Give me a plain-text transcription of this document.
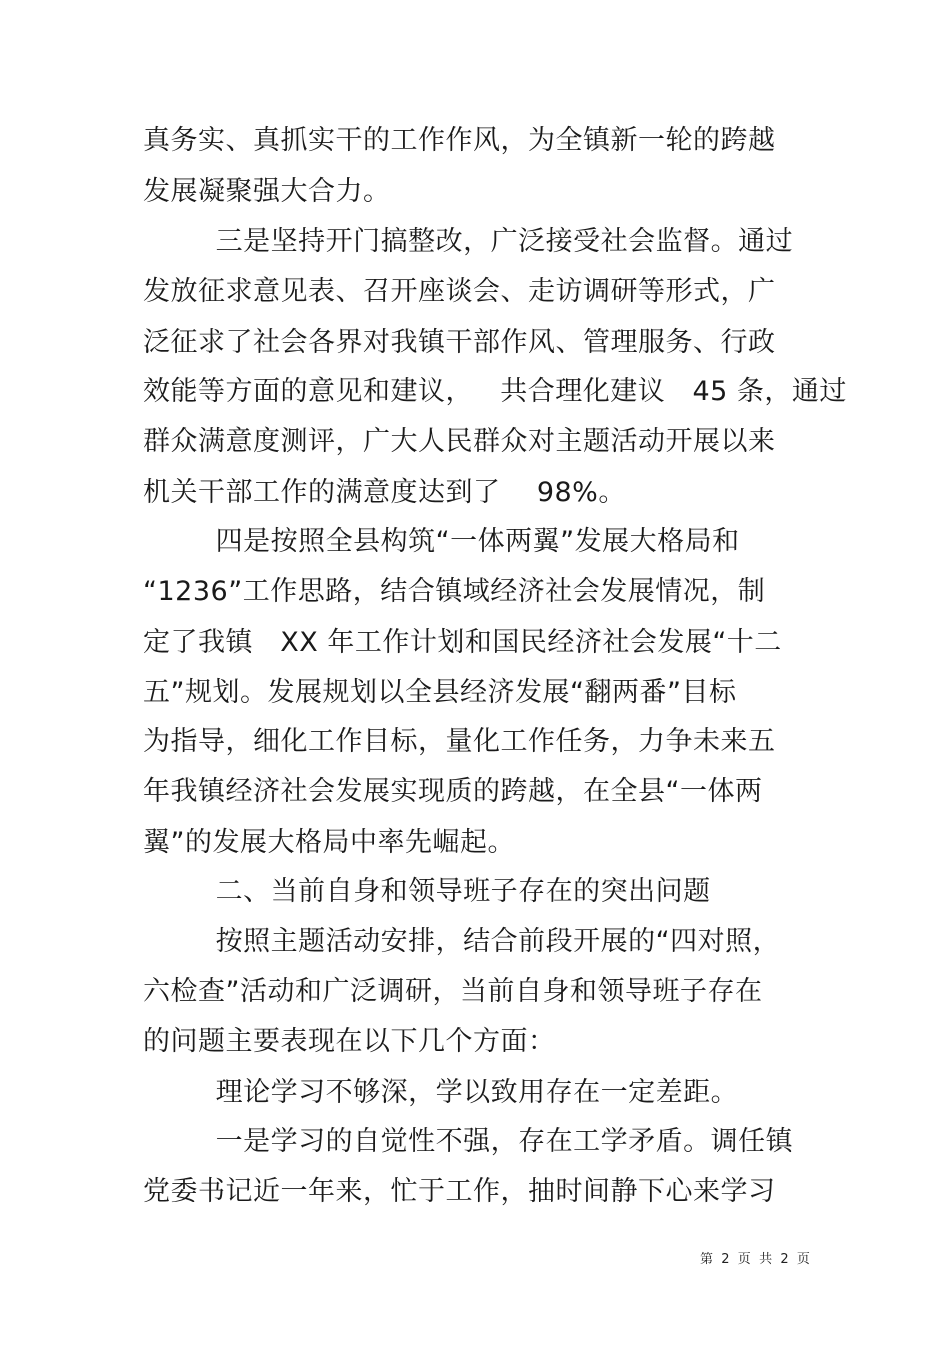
真务实、真抓实干的工作作风，为全镇新一轮的跨越
发展凝聚强大合力。
三是坚持开门搞整改，广泛接受社会监督。通过
发放征求意见表、召开座谈会、走访调研等形式，广
泛征求了社会各界对我镇干部作风、管理服务、行政
效能等方面的意见和建议，   共合理化建议   45 条，通过
群众满意度测评，广大人民群众对主题活动开展以来
机关干部工作的满意度达到了    98%。
四是按照全县构筑“一体两翼”发展大格局和
“1236”工作思路，结合镇域经济社会发展情况，制
定了我镇   XX 年工作计划和国民经济社会发展“十二
五”规划。发展规划以全县经济发展“翻两番”目标
为指导，细化工作目标，量化工作任务，力争未来五
年我镇经济社会发展实现质的跨越，在全县“一体两
翼”的发展大格局中率先崛起。
二、当前自身和领导班子存在的突出问题
按照主题活动安排，结合前段开展的“四对照，
六检查”活动和广泛调研，当前自身和领导班子存在
的问题主要表现在以下几个方面：
理论学习不够深，学以致用存在一定差距。
一是学习的自觉性不强，存在工学矛盾。调任镇
党委书记近一年来，忙于工作，抽时间静下心来学习
第  2  页  共  2  页
